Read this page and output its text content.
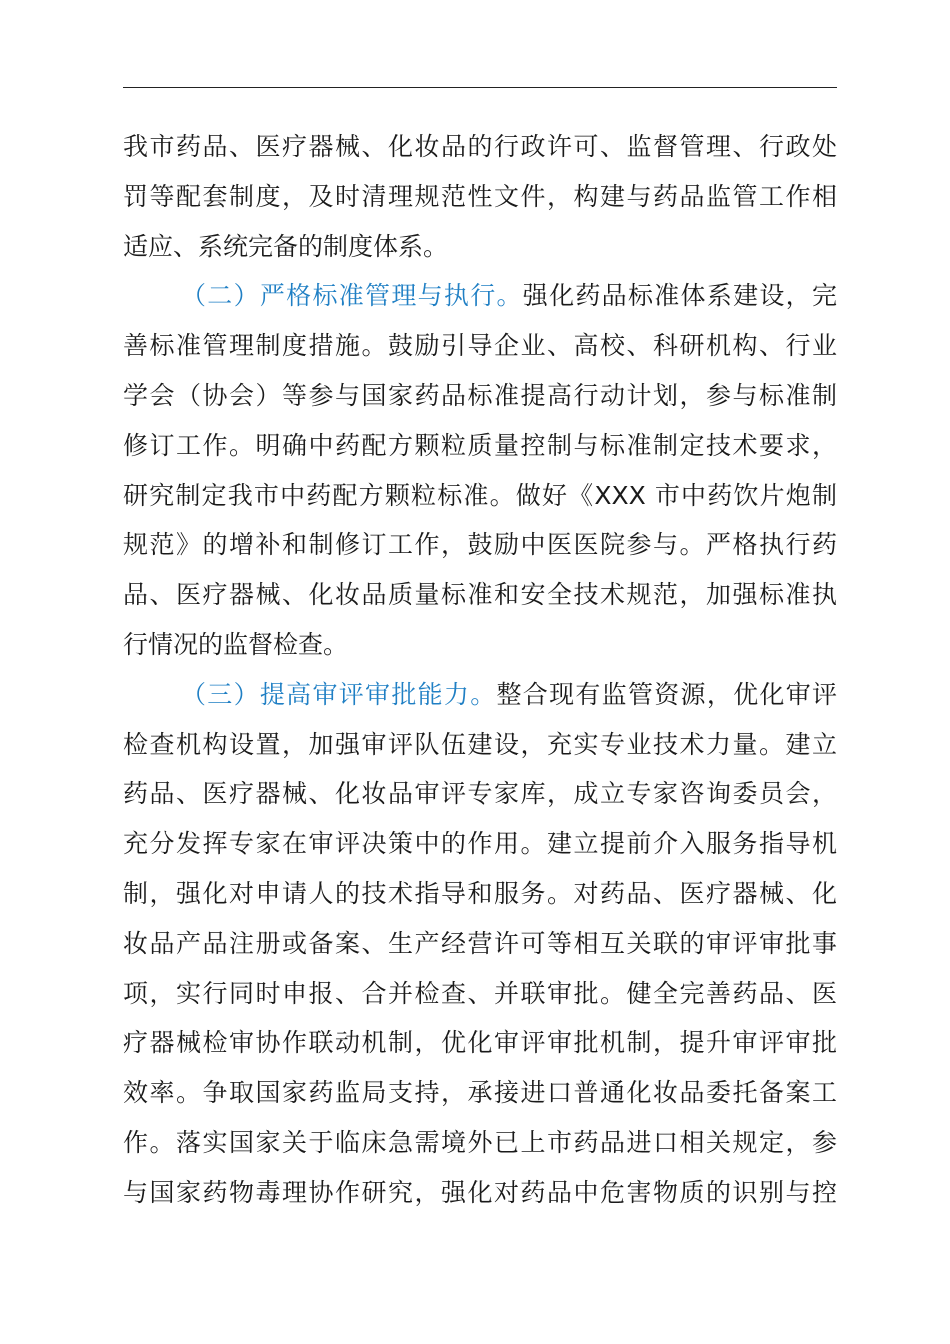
我市药品、医疗器械、化妆品的行政许可、监督管理、行政处
罚等配套制度，及时清理规范性文件，构建与药品监管工作相
适应、系统完备的制度体系。
（二）严格标准管理与执行。强化药品标准体系建设，完
善标准管理制度措施。鼓励引导企业、高校、科研机构、行业
学会（协会）等参与国家药品标准提高行动计划，参与标准制
修订工作。明确中药配方颗粒质量控制与标准制定技术要求，
研究制定我市中药配方颗粒标准。做好《XXX 市中药饮片炮制
规范》的增补和制修订工作，鼓励中医医院参与。严格执行药
品、医疗器械、化妆品质量标准和安全技术规范，加强标准执
行情况的监督检查。
（三）提高审评审批能力。整合现有监管资源，优化审评
检查机构设置，加强审评队伍建设，充实专业技术力量。建立
药品、医疗器械、化妆品审评专家库，成立专家咨询委员会，
充分发挥专家在审评决策中的作用。建立提前介入服务指导机
制，强化对申请人的技术指导和服务。对药品、医疗器械、化
妆品产品注册或备案、生产经营许可等相互关联的审评审批事
项，实行同时申报、合并检查、并联审批。健全完善药品、医
疗器械检审协作联动机制，优化审评审批机制，提升审评审批
效率。争取国家药监局支持，承接进口普通化妆品委托备案工
作。落实国家关于临床急需境外已上市药品进口相关规定，参
与国家药物毒理协作研究，强化对药品中危害物质的识别与控
